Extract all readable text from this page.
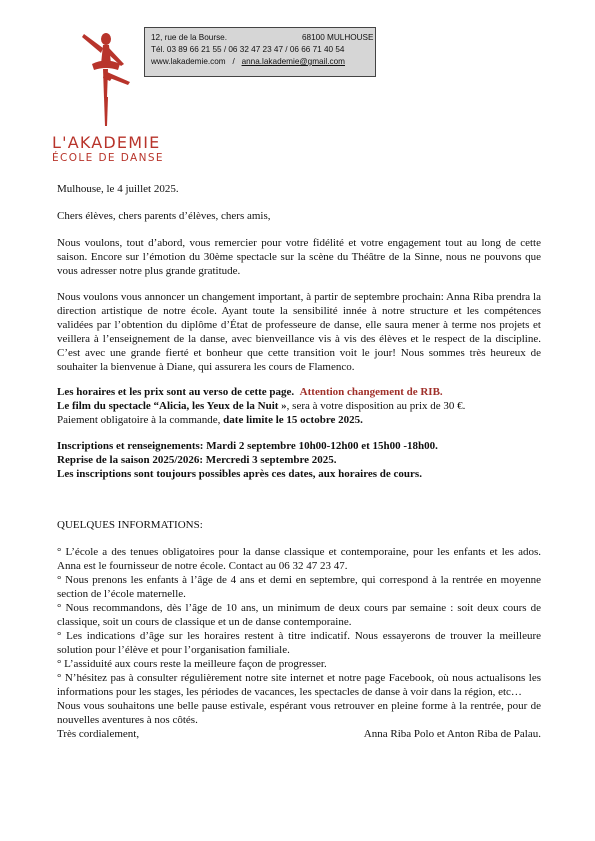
L'AKADEMIE
ÉCOLE DE DANSE
12, rue de la Bourse.	68100 MULHOUSE
Tél. 03 89 66 21 55 / 06 32 47 23 47 / 06 66 71 40 54
www.lakademie.com / anna.lakademie@gmail.com

Mulhouse, le 4 juillet 2025.

Chers élèves, chers parents d’élèves, chers amis,

Nous voulons, tout d’abord, vous remercier pour votre fidélité et votre engagement tout au long de cette saison. Encore sur l’émotion du 30ème spectacle sur la scène du Théâtre de la Sinne, nous ne pouvons que vous adresser notre plus grande gratitude.

Nous voulons vous annoncer un changement important, à partir de septembre prochain: Anna Riba prendra la direction artistique de notre école. Ayant toute la sensibilité innée à notre structure et les compétences validées par l’obtention du diplôme d’État de professeure de danse, elle saura mener à terme nos projets et veillera à l’enseignement de la danse, avec bienveillance vis à vis des élèves et le respect de la discipline. C’est avec une grande fierté et bonheur que cette transition voit le jour! Nous sommes très heureux de souhaiter la bienvenue à Diane, qui assurera les cours de Flamenco.

Les horaires et les prix sont au verso de cette page. Attention changement de RIB.
Le film du spectacle “Alicia, les Yeux de la Nuit », sera à votre disposition au prix de 30 €.
Paiement obligatoire à la commande, date limite le 15 octobre 2025.
Inscriptions et renseignements: Mardi 2 septembre 10h00-12h00 et 15h00 -18h00.
Reprise de la saison 2025/2026: Mercredi 3 septembre 2025.
Les inscriptions sont toujours possibles après ces dates, aux horaires de cours.

QUELQUES INFORMATIONS:

° L’école a des tenues obligatoires pour la danse classique et contemporaine, pour les enfants et les ados. Anna est le fournisseur de notre école. Contact au 06 32 47 23 47.

° Nous prenons les enfants à l’âge de 4 ans et demi en septembre, qui correspond à la rentrée en moyenne section de l’école maternelle.

° Nous recommandons, dès l’âge de 10 ans, un minimum de deux cours par semaine : soit deux cours de classique, soit un cours de classique et un de danse contemporaine.

° Les indications d’âge sur les horaires restent à titre indicatif. Nous essayerons de trouver la meilleure solution pour l’élève et pour l’organisation familiale.

° L’assiduité aux cours reste la meilleure façon de progresser.

° N’hésitez pas à consulter régulièrement notre site internet et notre page Facebook, où nous actualisons les informations pour les stages, les périodes de vacances, les spectacles de danse à voir dans la région, etc…

Nous vous souhaitons une belle pause estivale, espérant vous retrouver en pleine forme à la rentrée, pour de nouvelles aventures à nos côtés.

Très cordialement,	Anna Riba Polo et Anton Riba de Palau.
